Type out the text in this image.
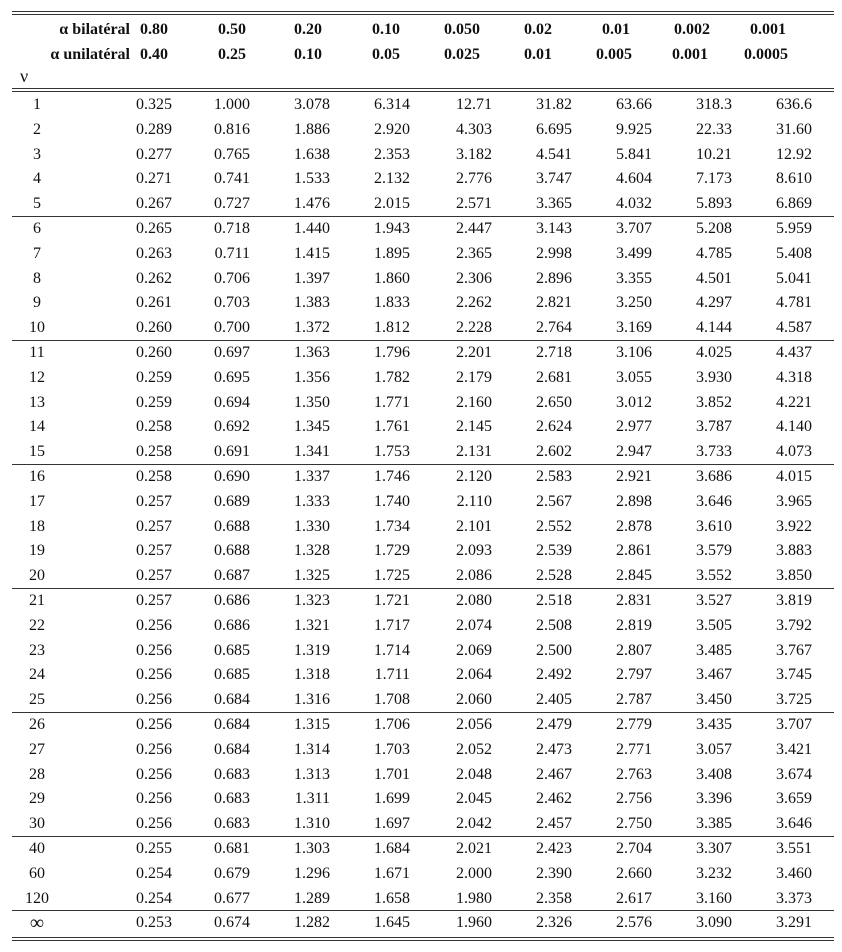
α bilatéral 0.80	0.50	0.20	0.10	0.050	0.02	0.01	0.002	0.001
α unilatéral 0.40	0.25	0.10	0.05	0.025	0.01	0.005	0.001 0.0005
ν
1	0.325	1.000	3.078	6.314	12.71	31.82	63.66	318.3	636.6
2	0.289	0.816	1.886	2.920	4.303	6.695	9.925	22.33	31.60
3	0.277	0.765	1.638	2.353	3.182	4.541	5.841	10.21	12.92
4	0.271	0.741	1.533	2.132	2.776	3.747	4.604	7.173	8.610
5	0.267	0.727	1.476	2.015	2.571	3.365	4.032	5.893	6.869
6	0.265	0.718	1.440	1.943	2.447	3.143	3.707	5.208	5.959
7	0.263	0.711	1.415	1.895	2.365	2.998	3.499	4.785	5.408
8	0.262	0.706	1.397	1.860	2.306	2.896	3.355	4.501	5.041
9	0.261	0.703	1.383	1.833	2.262	2.821	3.250	4.297	4.781
10	0.260	0.700	1.372	1.812	2.228	2.764	3.169	4.144	4.587
11	0.260	0.697	1.363	1.796	2.201	2.718	3.106	4.025	4.437
12	0.259	0.695	1.356	1.782	2.179	2.681	3.055	3.930	4.318
13	0.259	0.694	1.350	1.771	2.160	2.650	3.012	3.852	4.221
14	0.258	0.692	1.345	1.761	2.145	2.624	2.977	3.787	4.140
15	0.258	0.691	1.341	1.753	2.131	2.602	2.947	3.733	4.073
16	0.258	0.690	1.337	1.746	2.120	2.583	2.921	3.686	4.015
17	0.257	0.689	1.333	1.740	2.110	2.567	2.898	3.646	3.965
18	0.257	0.688	1.330	1.734	2.101	2.552	2.878	3.610	3.922
19	0.257	0.688	1.328	1.729	2.093	2.539	2.861	3.579	3.883
20	0.257	0.687	1.325	1.725	2.086	2.528	2.845	3.552	3.850
21	0.257	0.686	1.323	1.721	2.080	2.518	2.831	3.527	3.819
22	0.256	0.686	1.321	1.717	2.074	2.508	2.819	3.505	3.792
23	0.256	0.685	1.319	1.714	2.069	2.500	2.807	3.485	3.767
24	0.256	0.685	1.318	1.711	2.064	2.492	2.797	3.467	3.745
25	0.256	0.684	1.316	1.708	2.060	2.405	2.787	3.450	3.725
26	0.256	0.684	1.315	1.706	2.056	2.479	2.779	3.435	3.707
27	0.256	0.684	1.314	1.703	2.052	2.473	2.771	3.057	3.421
28	0.256	0.683	1.313	1.701	2.048	2.467	2.763	3.408	3.674
29	0.256	0.683	1.311	1.699	2.045	2.462	2.756	3.396	3.659
30	0.256	0.683	1.310	1.697	2.042	2.457	2.750	3.385	3.646
40	0.255	0.681	1.303	1.684	2.021	2.423	2.704	3.307	3.551
60	0.254	0.679	1.296	1.671	2.000	2.390	2.660	3.232	3.460
120	0.254	0.677	1.289	1.658	1.980	2.358	2.617	3.160	3.373
∞	0.253	0.674	1.282	1.645	1.960	2.326	2.576	3.090	3.291
